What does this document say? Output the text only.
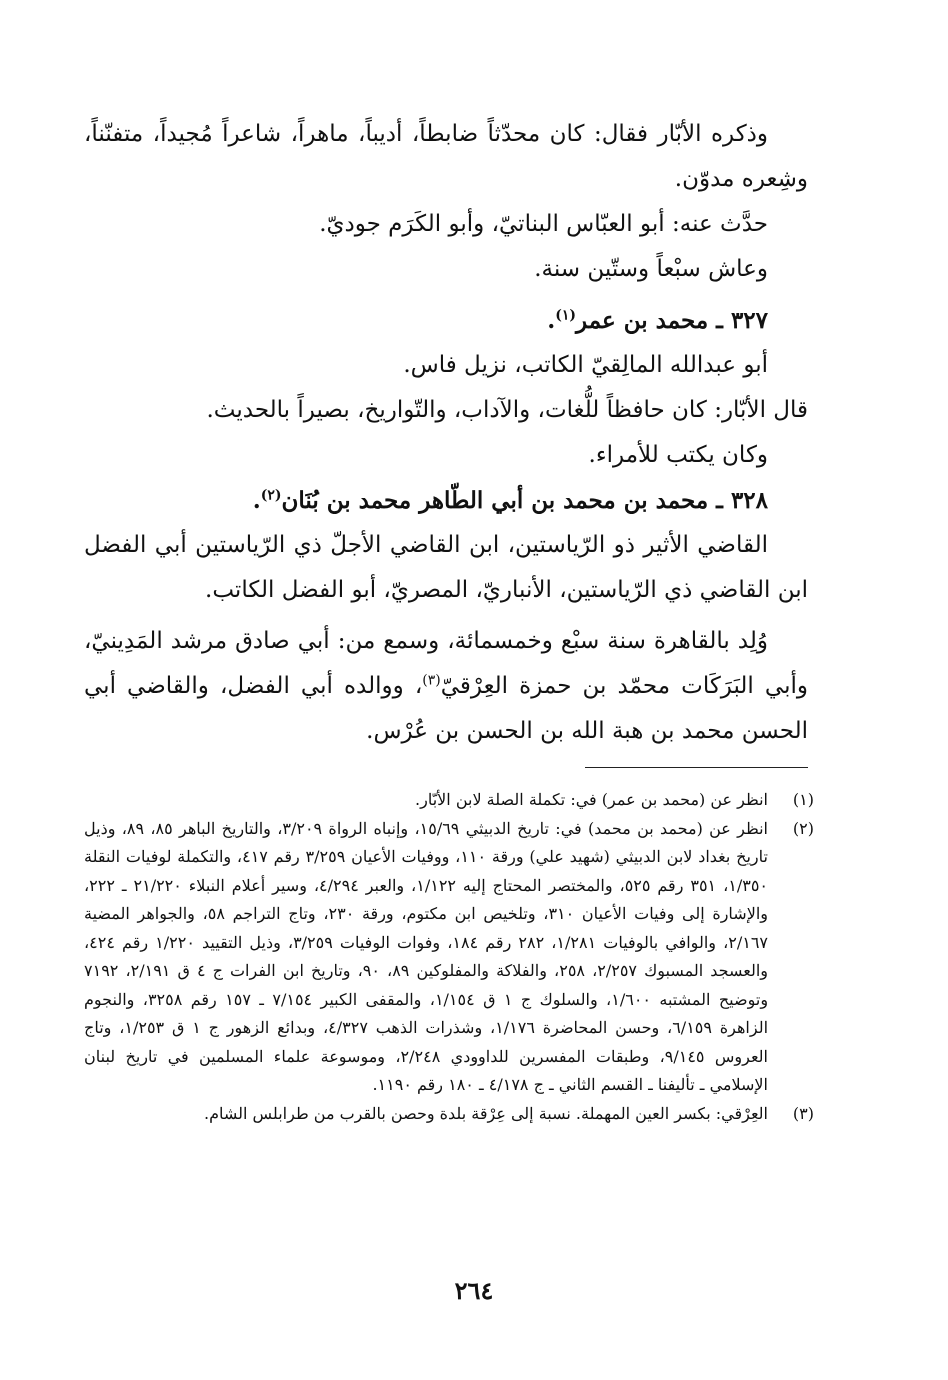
وذكره الأبّار فقال: كان محدّثاً ضابطاً، أديباً، ماهراً، شاعراً مُجيداً، متفنّناً، وشِعره مدوّن.

حدَّث عنه: أبو العبّاس البناتيّ، وأبو الكَرَم جوديّ.

وعاش سبْعاً وستّين سنة.

٣٢٧ ـ محمد بن عمر$^{(١)}$.

أبو عبدالله المالِقيّ الكاتب، نزيل فاس.

قال الأبّار: كان حافظاً للُّغات، والآداب، والتّواريخ، بصيراً بالحديث.

وكان يكتب للأمراء.

٣٢٨ ـ محمد بن محمد بن أبي الطّاهر محمد بن بُنَان$^{(٢)}$.

القاضي الأثير ذو الرّياستين، ابن القاضي الأجلّ ذي الرّياستين أبي الفضل ابن القاضي ذي الرّياستين، الأنباريّ، المصريّ، أبو الفضل الكاتب.

وُلِد بالقاهرة سنة سبْع وخمسمائة، وسمع من: أبي صادق مرشد المَدِينيّ، وأبي البَرَكَات محمّد بن حمزة العِرْقيّ$^{(٣)}$، ووالده أبي الفضل، والقاضي أبي الحسن محمد بن هبة الله بن الحسن بن عُرْس.

(١)
انظر عن (محمد بن عمر) في: تكملة الصلة لابن الأبّار.
(٢)
انظر عن (محمد بن محمد) في: تاريخ الدبيثي ١٥/٦٩، وإنباه الرواة ٣/٢٠٩، والتاريخ الباهر ٨٥، ٨٩، وذيل تاريخ بغداد لابن الدبيثي (شهيد علي) ورقة ١١٠، ووفيات الأعيان ٣/٢٥٩ رقم ٤١٧، والتكملة لوفيات النقلة ١/٣٥٠، ٣٥١ رقم ٥٢٥، والمختصر المحتاج إليه ١/١٢٢، والعبر ٤/٢٩٤، وسير أعلام النبلاء ٢١/٢٢٠ ـ ٢٢٢، والإشارة إلى وفيات الأعيان ٣١٠، وتلخيص ابن مكتوم، ورقة ٢٣٠، وتاج التراجم ٥٨، والجواهر المضية ٢/١٦٧، والوافي بالوفيات ١/٢٨١، ٢٨٢ رقم ١٨٤، وفوات الوفيات ٣/٢٥٩، وذيل التقييد ١/٢٢٠ رقم ٤٢٤، والعسجد المسبوك ٢/٢٥٧، ٢٥٨، والفلاكة والمفلوكين ٨٩، ٩٠، وتاريخ ابن الفرات ج ٤ ق ٢/١٩١، ٧١٩٢ وتوضيح المشتبه ١/٦٠٠، والسلوك ج ١ ق ١/١٥٤، والمقفى الكبير ٧/١٥٤ ـ ١٥٧ رقم ٣٢٥٨، والنجوم الزاهرة ٦/١٥٩، وحسن المحاضرة ١/١٧٦، وشذرات الذهب ٤/٣٢٧، وبدائع الزهور ج ١ ق ١/٢٥٣، وتاج العروس ٩/١٤٥، وطبقات المفسرين للداوودي ٢/٢٤٨، وموسوعة علماء المسلمين في تاريخ لبنان الإسلامي ـ تأليفنا ـ القسم الثاني ـ ج ٤/١٧٨ ـ ١٨٠ رقم ١١٩٠.
(٣)
العِرْقي: بكسر العين المهملة. نسبة إلى عِرْقة بلدة وحصن بالقرب من طرابلس الشام.
٢٦٤
